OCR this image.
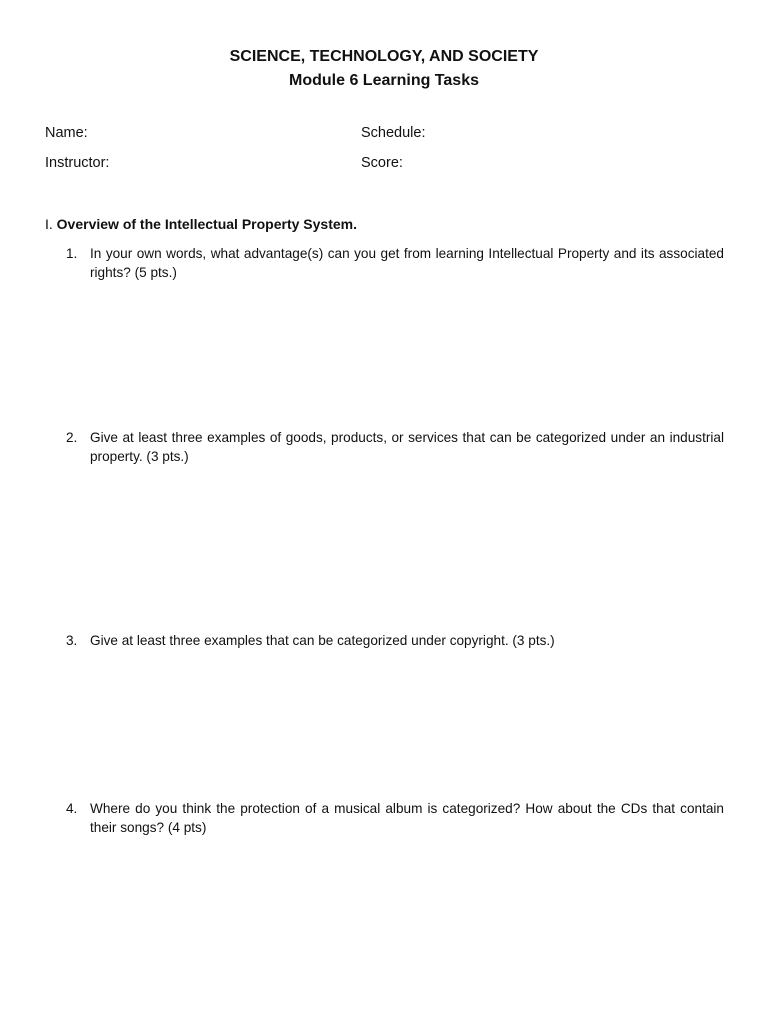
SCIENCE, TECHNOLOGY, AND SOCIETY
Module 6 Learning Tasks
Name:	Schedule:
Instructor:	Score:
I. Overview of the Intellectual Property System.
1. In your own words, what advantage(s) can you get from learning Intellectual Property and its associated rights? (5 pts.)
2. Give at least three examples of goods, products, or services that can be categorized under an industrial property. (3 pts.)
3. Give at least three examples that can be categorized under copyright. (3 pts.)
4. Where do you think the protection of a musical album is categorized? How about the CDs that contain their songs? (4 pts)
